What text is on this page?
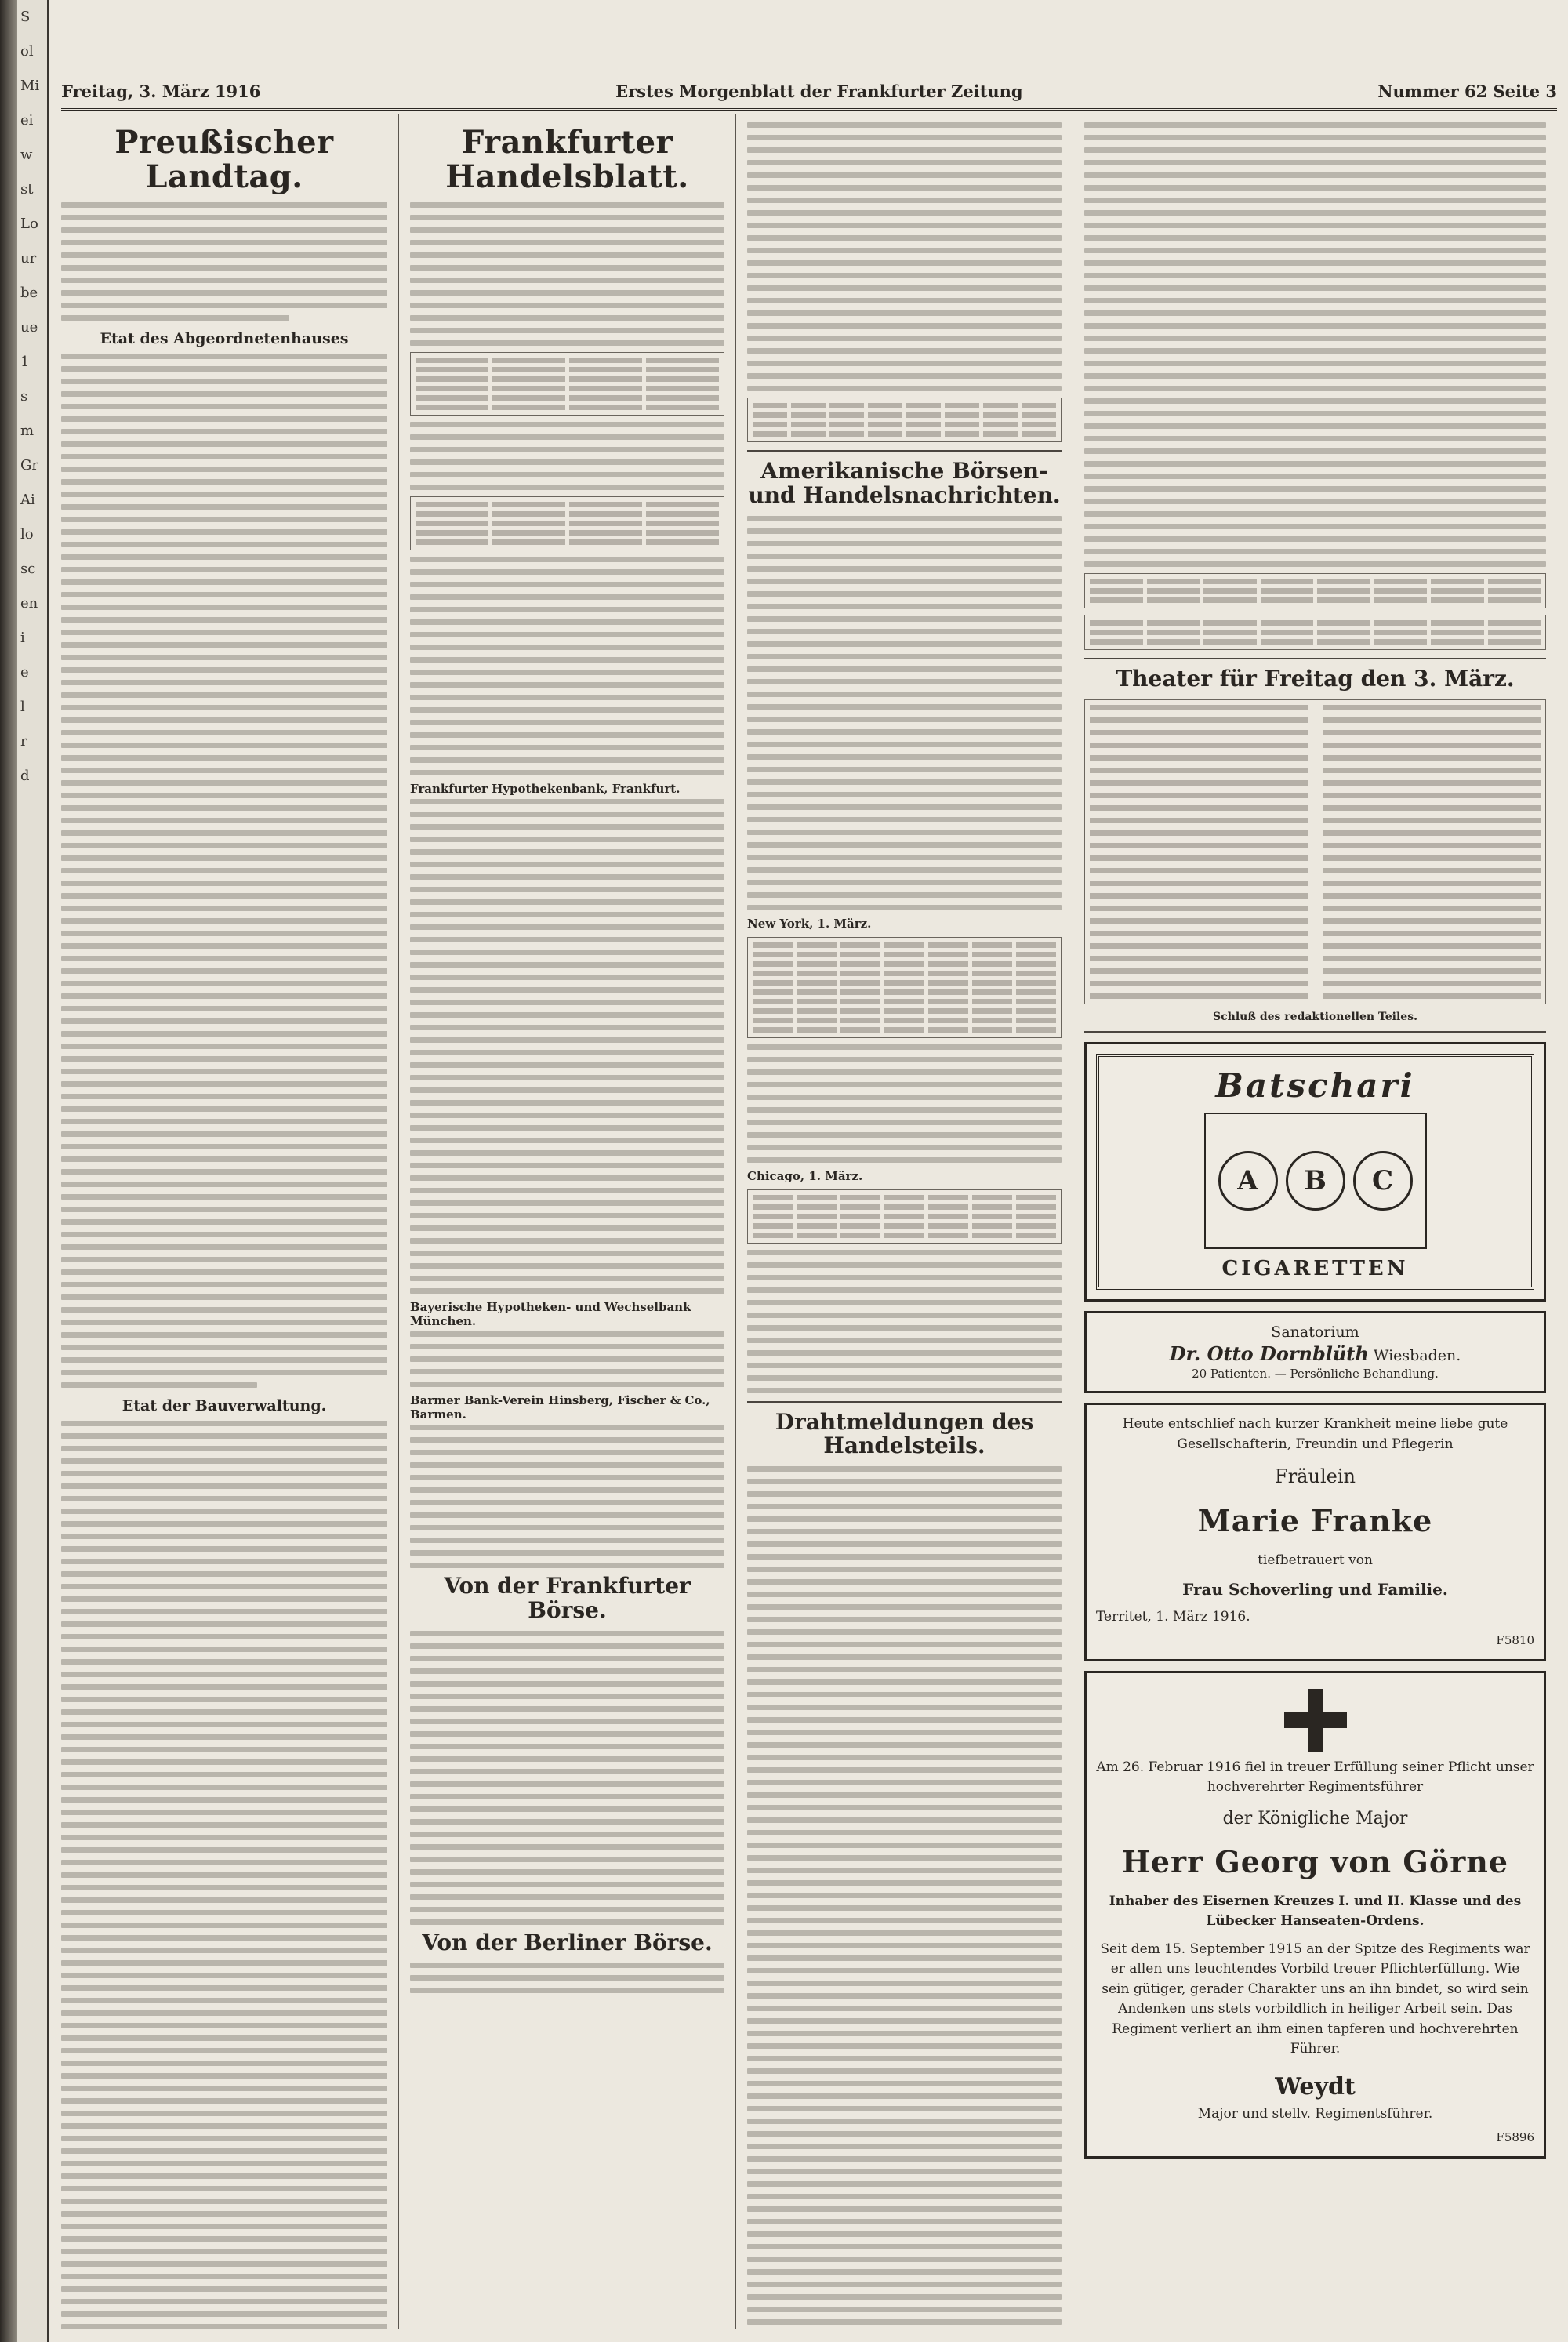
S
ol
Mi
ei
w
st
Lo
ur
be
ue
1
s
m
Gr
Ai
lo
sc
en
i
e
l
r
d
Freitag, 3. März 1916	Erstes Morgenblatt der Frankfurter Zeitung	Nummer 62 Seite 3
Preußischer Landtag.
Etat des Abgeordnetenhauses
Etat der Bauverwaltung.
Frankfurter Handelsblatt.
Frankfurter Hypothekenbank, Frankfurt.
Bayerische Hypotheken- und Wechselbank München.
Barmer Bank-Verein Hinsberg, Fischer & Co., Barmen.
Von der Frankfurter Börse.
Von der Berliner Börse.
Amerikanische Börsen- und Handelsnachrichten.
New York, 1. März.
Chicago, 1. März.
Drahtmeldungen des Handelsteils.
Theater für Freitag den 3. März.
Schluß des redaktionellen Teiles.
Batschari
A	B	C
CIGARETTEN
Sanatorium
Dr. Otto Dornblüth Wiesbaden.
20 Patienten. — Persönliche Behandlung.
Heute entschlief nach kurzer Krankheit meine liebe gute Gesellschafterin, Freundin und Pflegerin
Fräulein
Marie Franke
tiefbetrauert von
Frau Schoverling und Familie.
Territet, 1. März 1916.
F5810
Am 26. Februar 1916 fiel in treuer Erfüllung seiner Pflicht unser hochverehrter Regimentsführer
der Königliche Major
Herr Georg von Görne
Inhaber des Eisernen Kreuzes I. und II. Klasse und des Lübecker Hanseaten-Ordens.
Seit dem 15. September 1915 an der Spitze des Regiments war er allen uns leuchtendes Vorbild treuer Pflichterfüllung. Wie sein gütiger, gerader Charakter uns an ihn bindet, so wird sein Andenken uns stets vorbildlich in heiliger Arbeit sein. Das Regiment verliert an ihm einen tapferen und hochverehrten Führer.
Weydt
Major und stellv. Regimentsführer.
F5896
